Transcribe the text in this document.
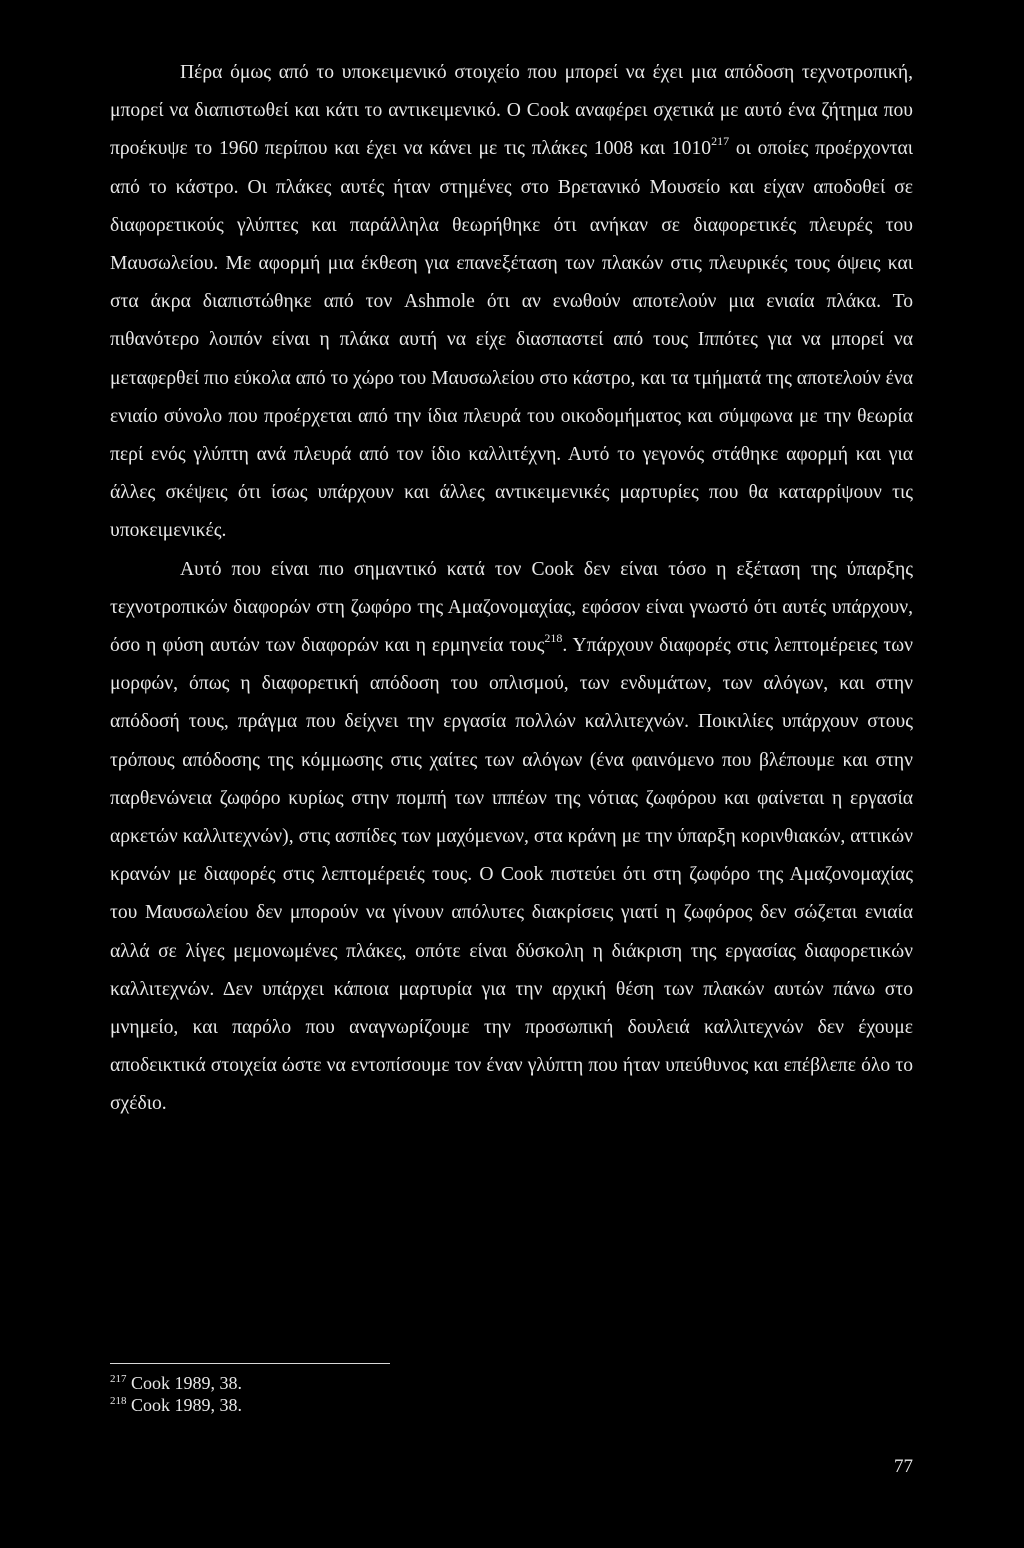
Πέρα όμως από το υποκειμενικό στοιχείο που μπορεί να έχει μια απόδοση τεχνοτροπική, μπορεί να διαπιστωθεί και κάτι το αντικειμενικό. Ο Cook αναφέρει σχετικά με αυτό ένα ζήτημα που προέκυψε το 1960 περίπου και έχει να κάνει με τις πλάκες 1008 και 1010$^{217}$ οι οποίες προέρχονται από το κάστρο. Οι πλάκες αυτές ήταν στημένες στο Βρετανικό Μουσείο και είχαν αποδοθεί σε διαφορετικούς γλύπτες και παράλληλα θεωρήθηκε ότι ανήκαν σε διαφορετικές πλευρές του Μαυσωλείου. Με αφορμή μια έκθεση για επανεξέταση των πλακών στις πλευρικές τους όψεις και στα άκρα διαπιστώθηκε από τον Ashmole ότι αν ενωθούν αποτελούν μια ενιαία πλάκα. Το πιθανότερο λοιπόν είναι η πλάκα αυτή να είχε διασπαστεί από τους Ιππότες για να μπορεί να μεταφερθεί πιο εύκολα από το χώρο του Μαυσωλείου στο κάστρο, και τα τμήματά της αποτελούν ένα ενιαίο σύνολο που προέρχεται από την ίδια πλευρά του οικοδομήματος και σύμφωνα με την θεωρία περί ενός γλύπτη ανά πλευρά από τον ίδιο καλλιτέχνη. Αυτό το γεγονός στάθηκε αφορμή και για άλλες σκέψεις ότι ίσως υπάρχουν και άλλες αντικειμενικές μαρτυρίες που θα καταρρίψουν τις υποκειμενικές.

Αυτό που είναι πιο σημαντικό κατά τον Cook δεν είναι τόσο η εξέταση της ύπαρξης τεχνοτροπικών διαφορών στη ζωφόρο της Αμαζονομαχίας, εφόσον είναι γνωστό ότι αυτές υπάρχουν, όσο η φύση αυτών των διαφορών και η ερμηνεία τους$^{218}$. Υπάρχουν διαφορές στις λεπτομέρειες των μορφών, όπως η διαφορετική απόδοση του οπλισμού, των ενδυμάτων, των αλόγων, και στην απόδοσή τους, πράγμα που δείχνει την εργασία πολλών καλλιτεχνών. Ποικιλίες υπάρχουν στους τρόπους απόδοσης της κόμμωσης στις χαίτες των αλόγων (ένα φαινόμενο που βλέπουμε και στην παρθενώνεια ζωφόρο κυρίως στην πομπή των ιππέων της νότιας ζωφόρου και φαίνεται η εργασία αρκετών καλλιτεχνών), στις ασπίδες των μαχόμενων, στα κράνη με την ύπαρξη κορινθιακών, αττικών κρανών με διαφορές στις λεπτομέρειές τους. Ο Cook πιστεύει ότι στη ζωφόρο της Αμαζονομαχίας του Μαυσωλείου δεν μπορούν να γίνουν απόλυτες διακρίσεις γιατί η ζωφόρος δεν σώζεται ενιαία αλλά σε λίγες μεμονωμένες πλάκες, οπότε είναι δύσκολη η διάκριση της εργασίας διαφορετικών καλλιτεχνών. Δεν υπάρχει κάποια μαρτυρία για την αρχική θέση των πλακών αυτών πάνω στο μνημείο, και παρόλο που αναγνωρίζουμε την προσωπική δουλειά καλλιτεχνών δεν έχουμε αποδεικτικά στοιχεία ώστε να εντοπίσουμε τον έναν γλύπτη που ήταν υπεύθυνος και επέβλεπε όλο το σχέδιο.

$^{217}$ Cook 1989, 38.

$^{218}$ Cook 1989, 38.

77
